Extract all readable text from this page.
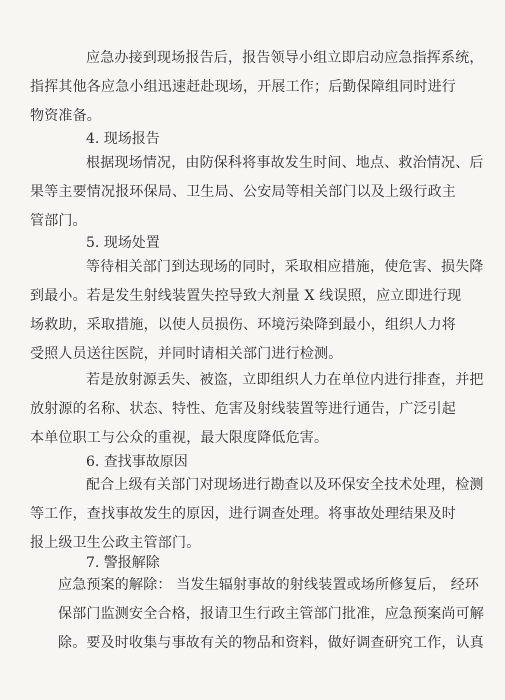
应急办接到现场报告后，报告领导小组立即启动应急指挥系统，
指挥其他各应急小组迅速赶赴现场，开展工作；后勤保障组同时进行
物资准备。
4. 现场报告
根据现场情况，由防保科将事故发生时间、地点、救治情况、后
果等主要情况报环保局、卫生局、公安局等相关部门以及上级行政主
管部门。
5. 现场处置
等待相关部门到达现场的同时，采取相应措施，使危害、损失降
到最小。若是发生射线装置失控导致大剂量 X 线误照，应立即进行现
场救助，采取措施，以使人员损伤、环境污染降到最小，组织人力将
受照人员送往医院，并同时请相关部门进行检测。
若是放射源丢失、被盗，立即组织人力在单位内进行排查，并把
放射源的名称、状态、特性、危害及射线装置等进行通告，广泛引起
本单位职工与公众的重视，最大限度降低危害。
6. 查找事故原因
配合上级有关部门对现场进行勘查以及环保安全技术处理，检测
等工作，查找事故发生的原因，进行调查处理。将事故处理结果及时
报上级卫生公政主管部门。
7. 警报解除
应急预案的解除： 当发生辐射事故的射线装置或场所修复后， 经环
保部门监测安全合格，报请卫生行政主管部门批准，应急预案尚可解
除。要及时收集与事故有关的物品和资料，做好调查研究工作，认真
